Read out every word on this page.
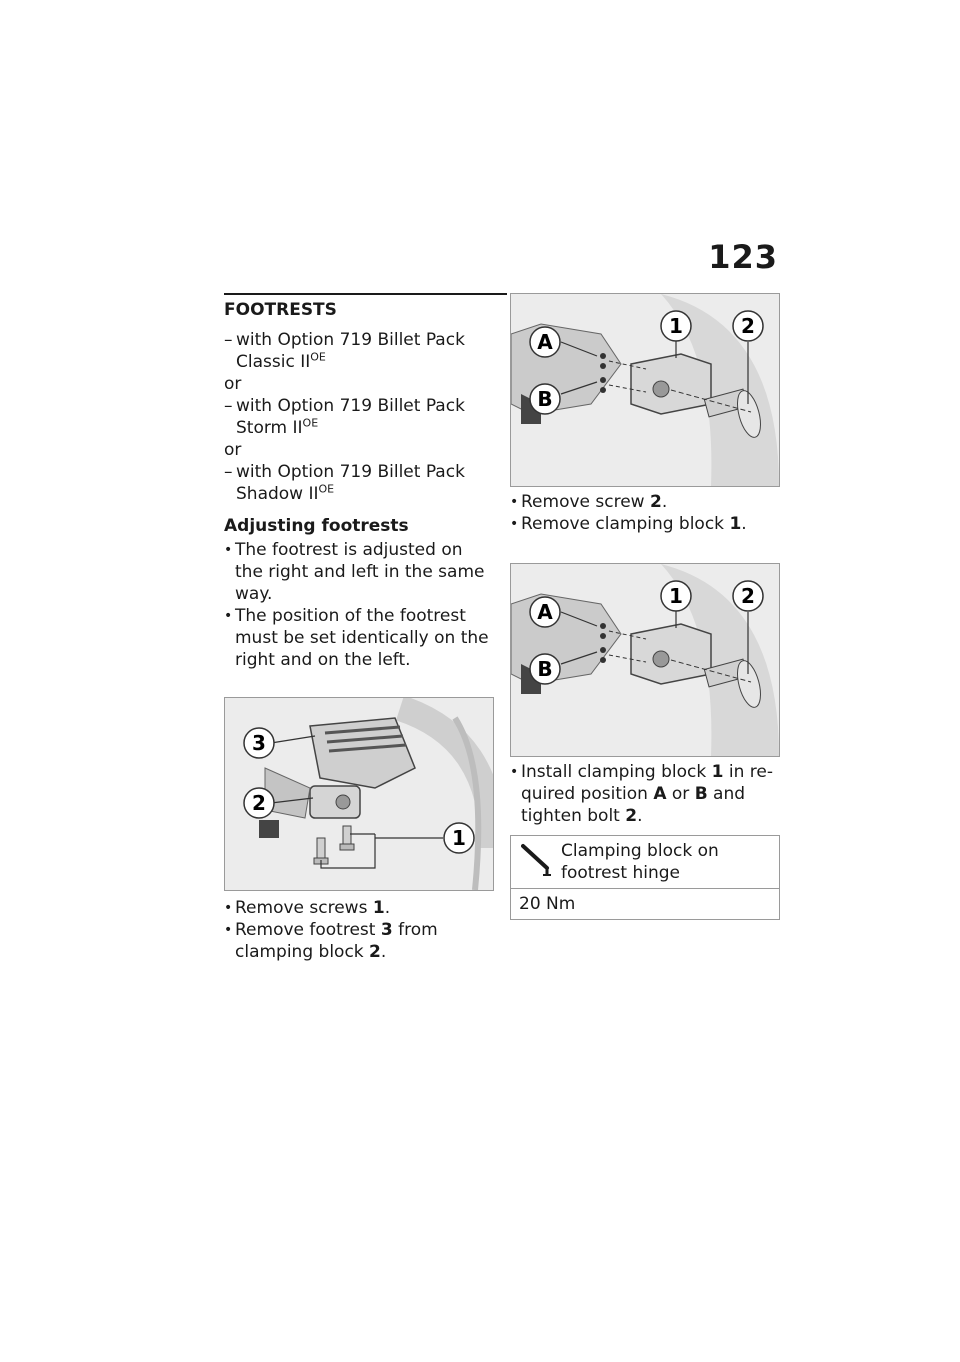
123
FOOTRESTS
– with Option 719 Billet Pack
Classic $II^{OE}$
or
– with Option 719 Billet Pack
Storm $II^{OE}$
or
– with Option 719 Billet Pack
Shadow $II^{OE}$
Adjusting footrests
• The footrest is adjusted on
the right and left in the same
way.
• The position of the footrest
must be set identically on the
right and on the left.
3
2
1
• Remove screws 1.
• Remove footrest 3 from
clamping block 2.
A
B
1	2
• Remove screw 2.
• Remove clamping block 1.
A
B
1	2
• Install clamping block 1 in re-
quired position A or B and
tighten bolt 2.
Clamping block on
footrest hinge
20 Nm
